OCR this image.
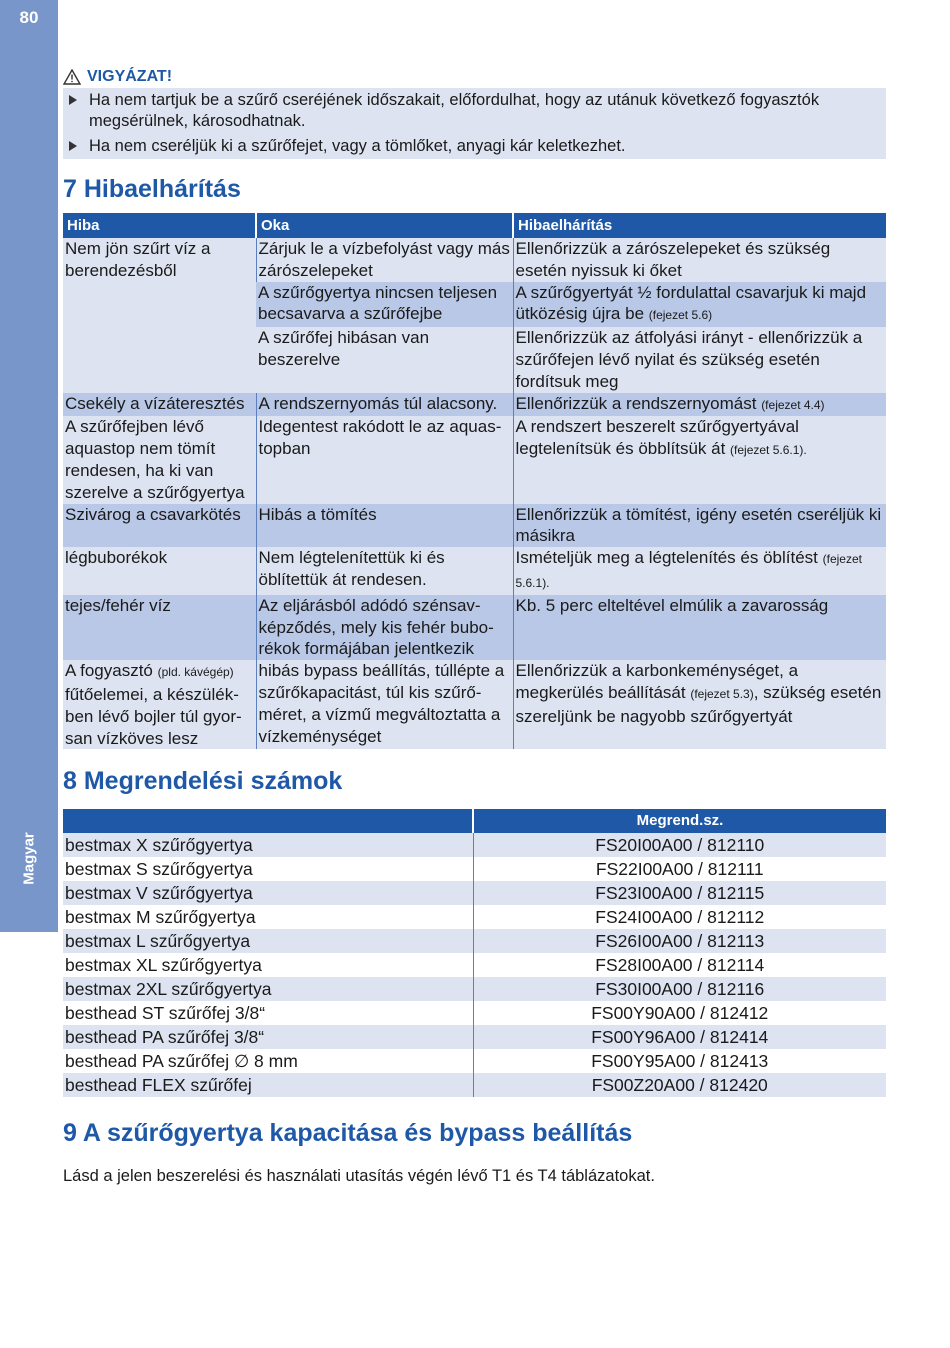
80
Magyar
VIGYÁZAT!
Ha nem tartjuk be a szűrő cseréjének időszakait, előfordulhat, hogy az utánuk következő fogyasztók megsérülnek, károsodhatnak.
Ha nem cseréljük ki a szűrőfejet, vagy a tömlőket, anyagi kár keletkezhet.
7 Hibaelhárítás
Hiba	Oka	Hibaelhárítás
Nem jön szűrt víz a berendezésből	Zárjuk le a vízbefolyást vagy más zárószelepeket	Ellenőrizzük a zárószelepeket és szükség esetén nyissuk ki őket
	A szűrőgyertya nincsen teljesen becsavarva a szűrőfejbe	A szűrőgyertyát ½ fordulattal csavarjuk ki majd ütközésig újra be (fejezet 5.6)
	A szűrőfej hibásan van beszerelve	Ellenőrizzük az átfolyási irányt - ellenőrizzük a szűrőfejen lévő nyilat és szükség esetén fordítsuk meg
Csekély a vízáteresztés	A rendszernyomás túl alacsony.	Ellenőrizzük a rendszernyomást (fejezet 4.4)
A szűrőfejben lévő aquastop nem tömít rendesen, ha ki van szerelve a szűrőgyertya	Idegentest rakódott le az aquas-topban	A rendszert beszerelt szűrőgyertyával legtelenítsük és öbblítsük át (fejezet 5.6.1).
Szivárog a csavarkötés	Hibás a tömítés	Ellenőrizzük a tömítést, igény esetén cseréljük ki másikra
légbuborékok	Nem légtelenítettük ki és öblítettük át rendesen.	Ismételjük meg a légtelenítés és öblítést (fejezet 5.6.1).
tejes/fehér víz	Az eljárásból adódó szénsav-képződés, mely kis fehér bubo-rékok formájában jelentkezik	Kb. 5 perc elteltével elmúlik a zavarosság
A fogyasztó (pld. kávégép) fűtőelemei, a készülék-ben lévő bojler túl gyor-san vízköves lesz	hibás bypass beállítás, túllépte a szűrőkapacitást, túl kis szűrő-méret, a vízmű megváltoztatta a vízkeménységet	Ellenőrizzük a karbonkeménységet, a megkerülés beállítását (fejezet 5.3), szükség esetén szereljünk be nagyobb szűrőgyertyát
8 Megrendelési számok
	Megrend.sz.
bestmax X szűrőgyertya	FS20I00A00 / 812110
bestmax S szűrőgyertya	FS22I00A00 / 812111
bestmax V szűrőgyertya	FS23I00A00 / 812115
bestmax M szűrőgyertya	FS24I00A00 / 812112
bestmax L szűrőgyertya	FS26I00A00 / 812113
bestmax XL szűrőgyertya	FS28I00A00 / 812114
bestmax 2XL szűrőgyertya	FS30I00A00 / 812116
besthead ST szűrőfej 3/8“	FS00Y90A00 / 812412
besthead PA szűrőfej 3/8“	FS00Y96A00 / 812414
besthead PA szűrőfej ∅ 8 mm	FS00Y95A00 / 812413
besthead FLEX szűrőfej	FS00Z20A00 / 812420
9 A szűrőgyertya kapacitása és bypass beállítás
Lásd a jelen beszerelési és használati utasítás végén lévő T1 és T4 táblázatokat.
